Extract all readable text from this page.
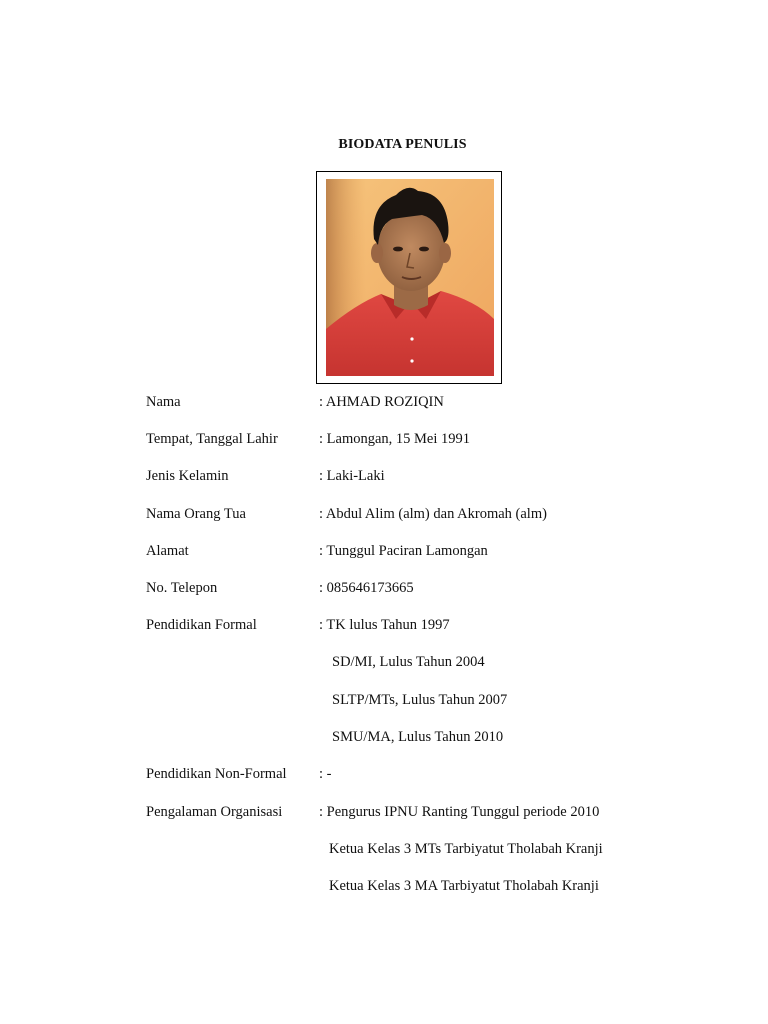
BIODATA PENULIS
Nama	: AHMAD ROZIQIN
Tempat, Tanggal Lahir	: Lamongan, 15 Mei 1991
Jenis Kelamin	: Laki-Laki
Nama Orang Tua	: Abdul Alim (alm) dan Akromah (alm)
Alamat	: Tunggul Paciran Lamongan
No. Telepon	: 085646173665
Pendidikan Formal	: TK lulus Tahun 1997
SD/MI, Lulus Tahun 2004
SLTP/MTs, Lulus Tahun 2007
SMU/MA, Lulus Tahun 2010
Pendidikan Non-Formal : -
Pengalaman Organisasi	: Pengurus IPNU Ranting Tunggul periode 2010
Ketua Kelas 3 MTs Tarbiyatut Tholabah Kranji
Ketua Kelas 3 MA Tarbiyatut Tholabah Kranji
